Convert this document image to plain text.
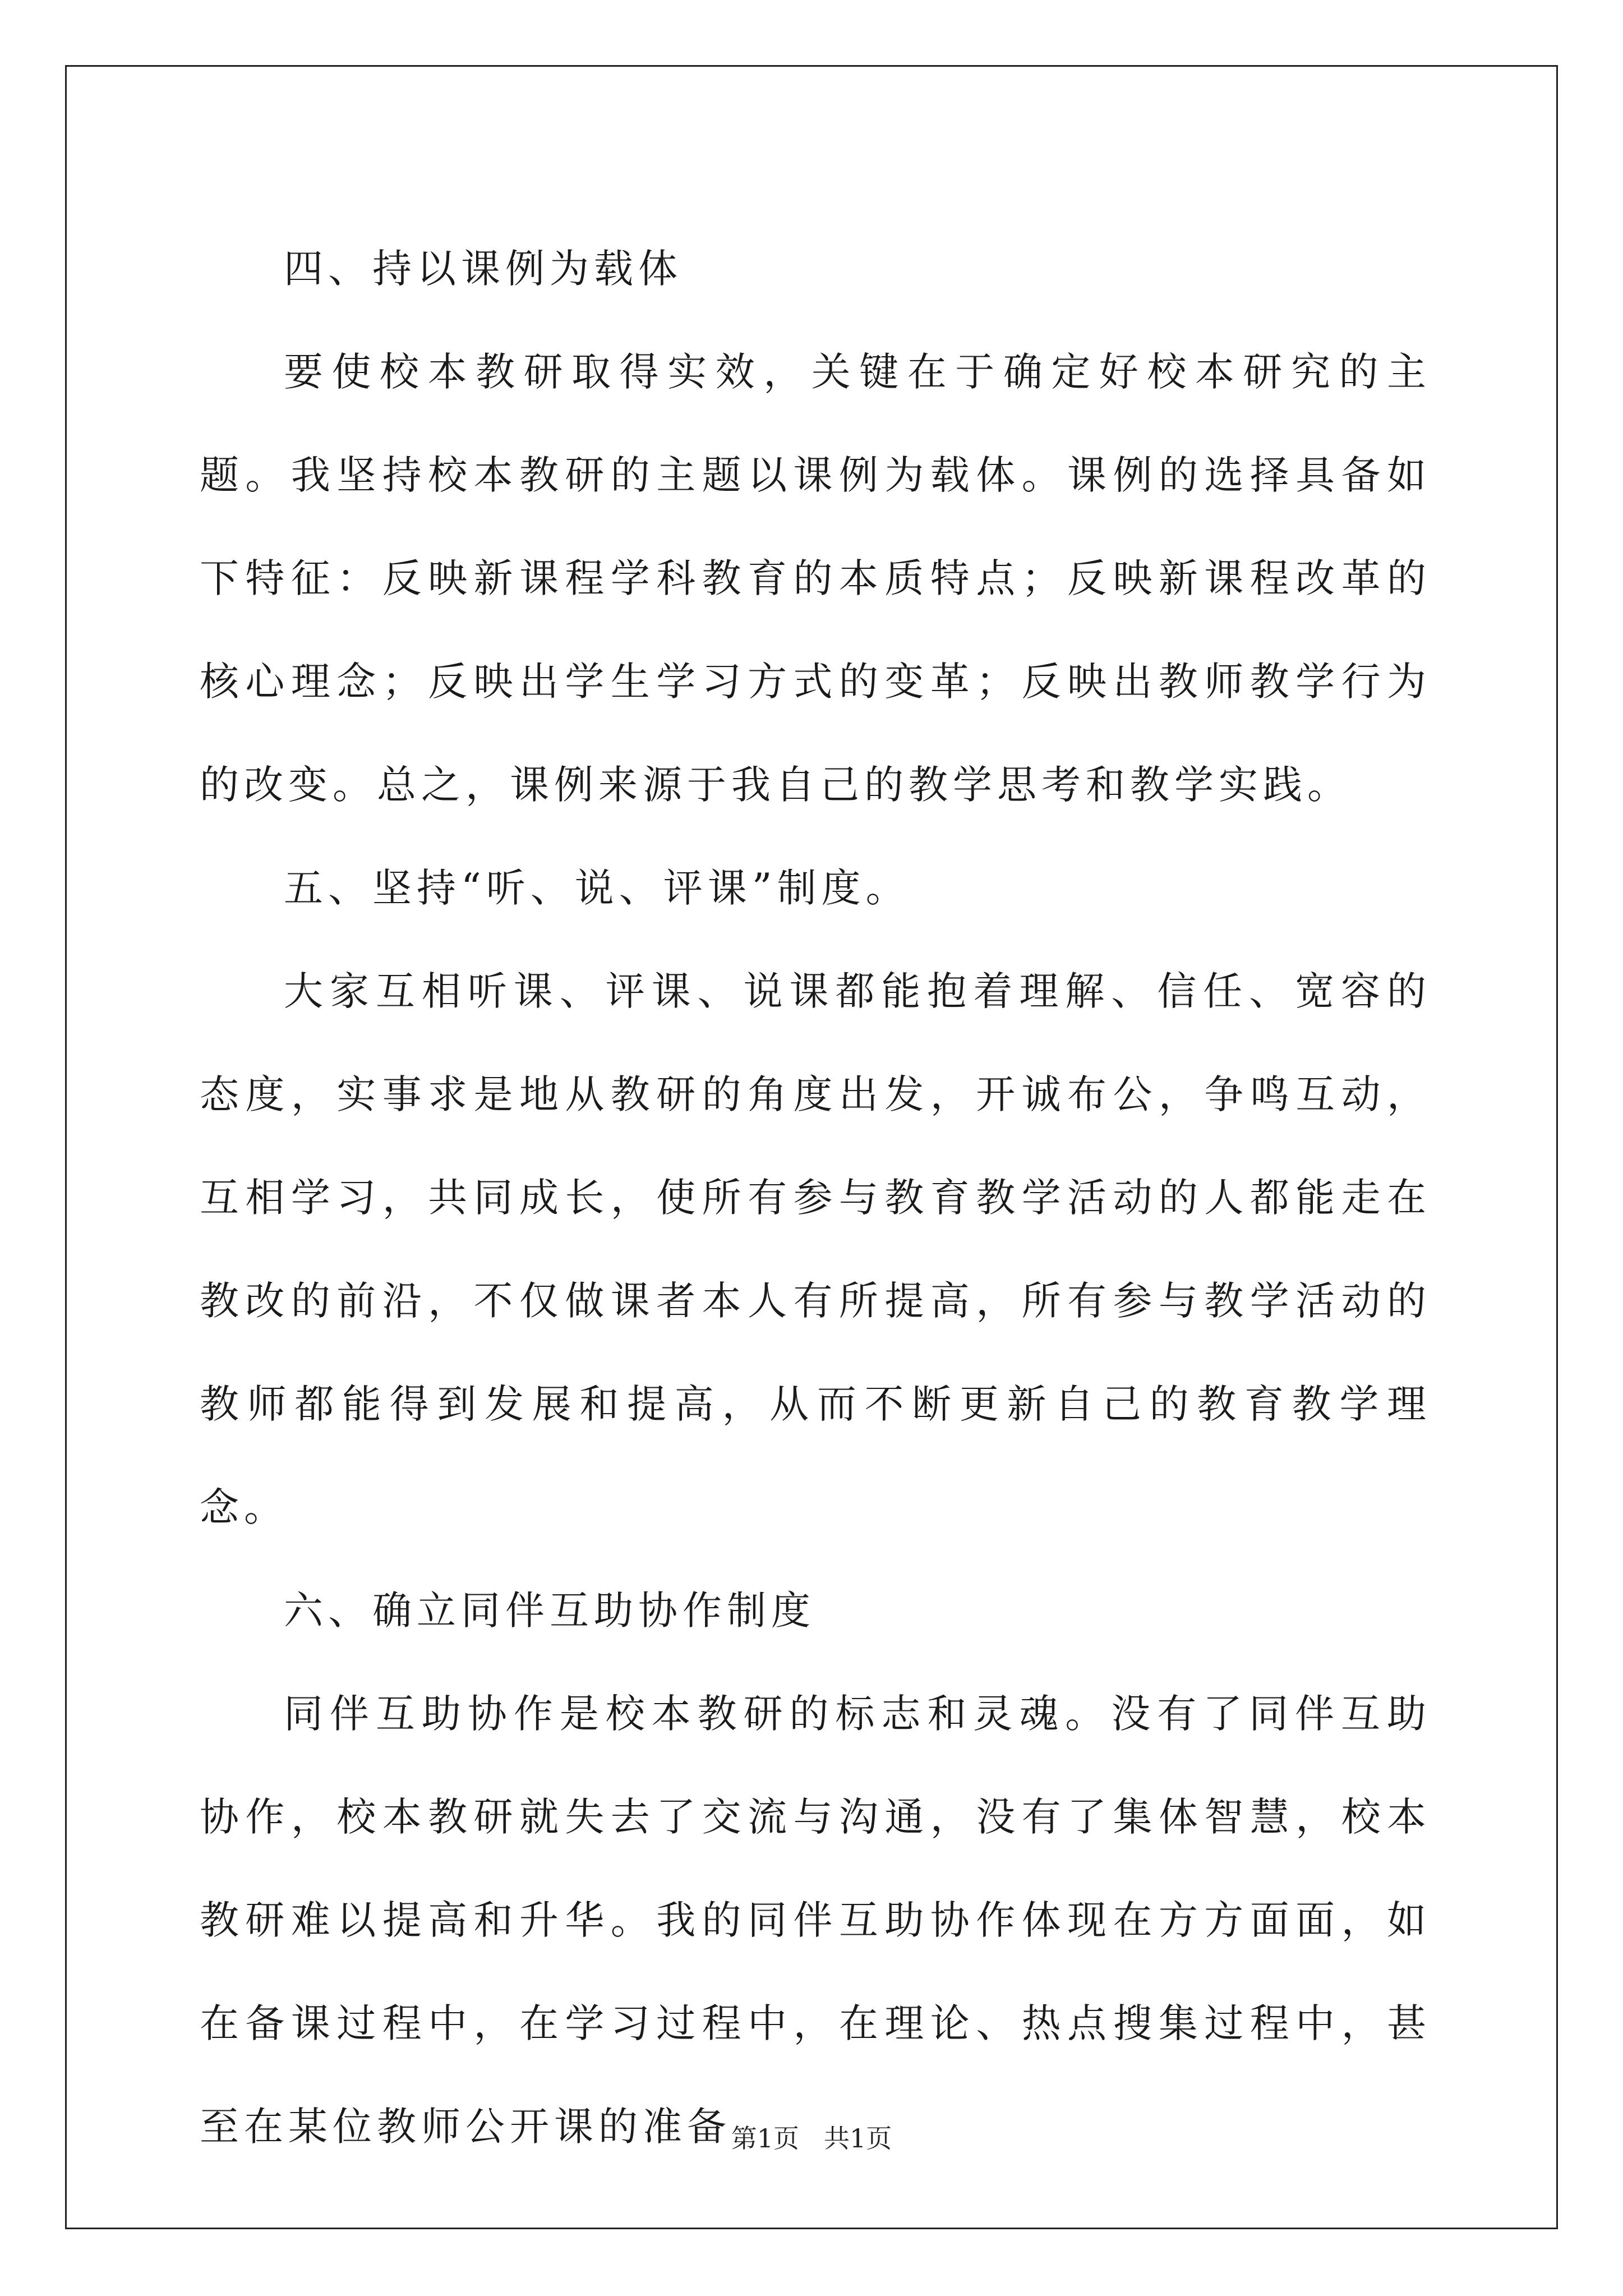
四、持以课例为载体

要使校本教研取得实效，关键在于确定好校本研究的主题。我坚持校本教研的主题以课例为载体。课例的选择具备如下特征：反映新课程学科教育的本质特点；反映新课程改革的核心理念；反映出学生学习方式的变革；反映出教师教学行为的改变。总之，课例来源于我自己的教学思考和教学实践。

五、坚持“听、说、评课”制度。

大家互相听课、评课、说课都能抱着理解、信任、宽容的态度，实事求是地从教研的角度出发，开诚布公，争鸣互动，互相学习，共同成长，使所有参与教育教学活动的人都能走在教改的前沿，不仅做课者本人有所提高，所有参与教学活动的教师都能得到发展和提高，从而不断更新自己的教育教学理念。

六、确立同伴互助协作制度

同伴互助协作是校本教研的标志和灵魂。没有了同伴互助协作，校本教研就失去了交流与沟通，没有了集体智慧，校本教研难以提高和升华。我的同伴互助协作体现在方方面面，如在备课过程中，在学习过程中，在理论、热点搜集过程中，甚至在某位教师公开课的准备 第1页 共1页
